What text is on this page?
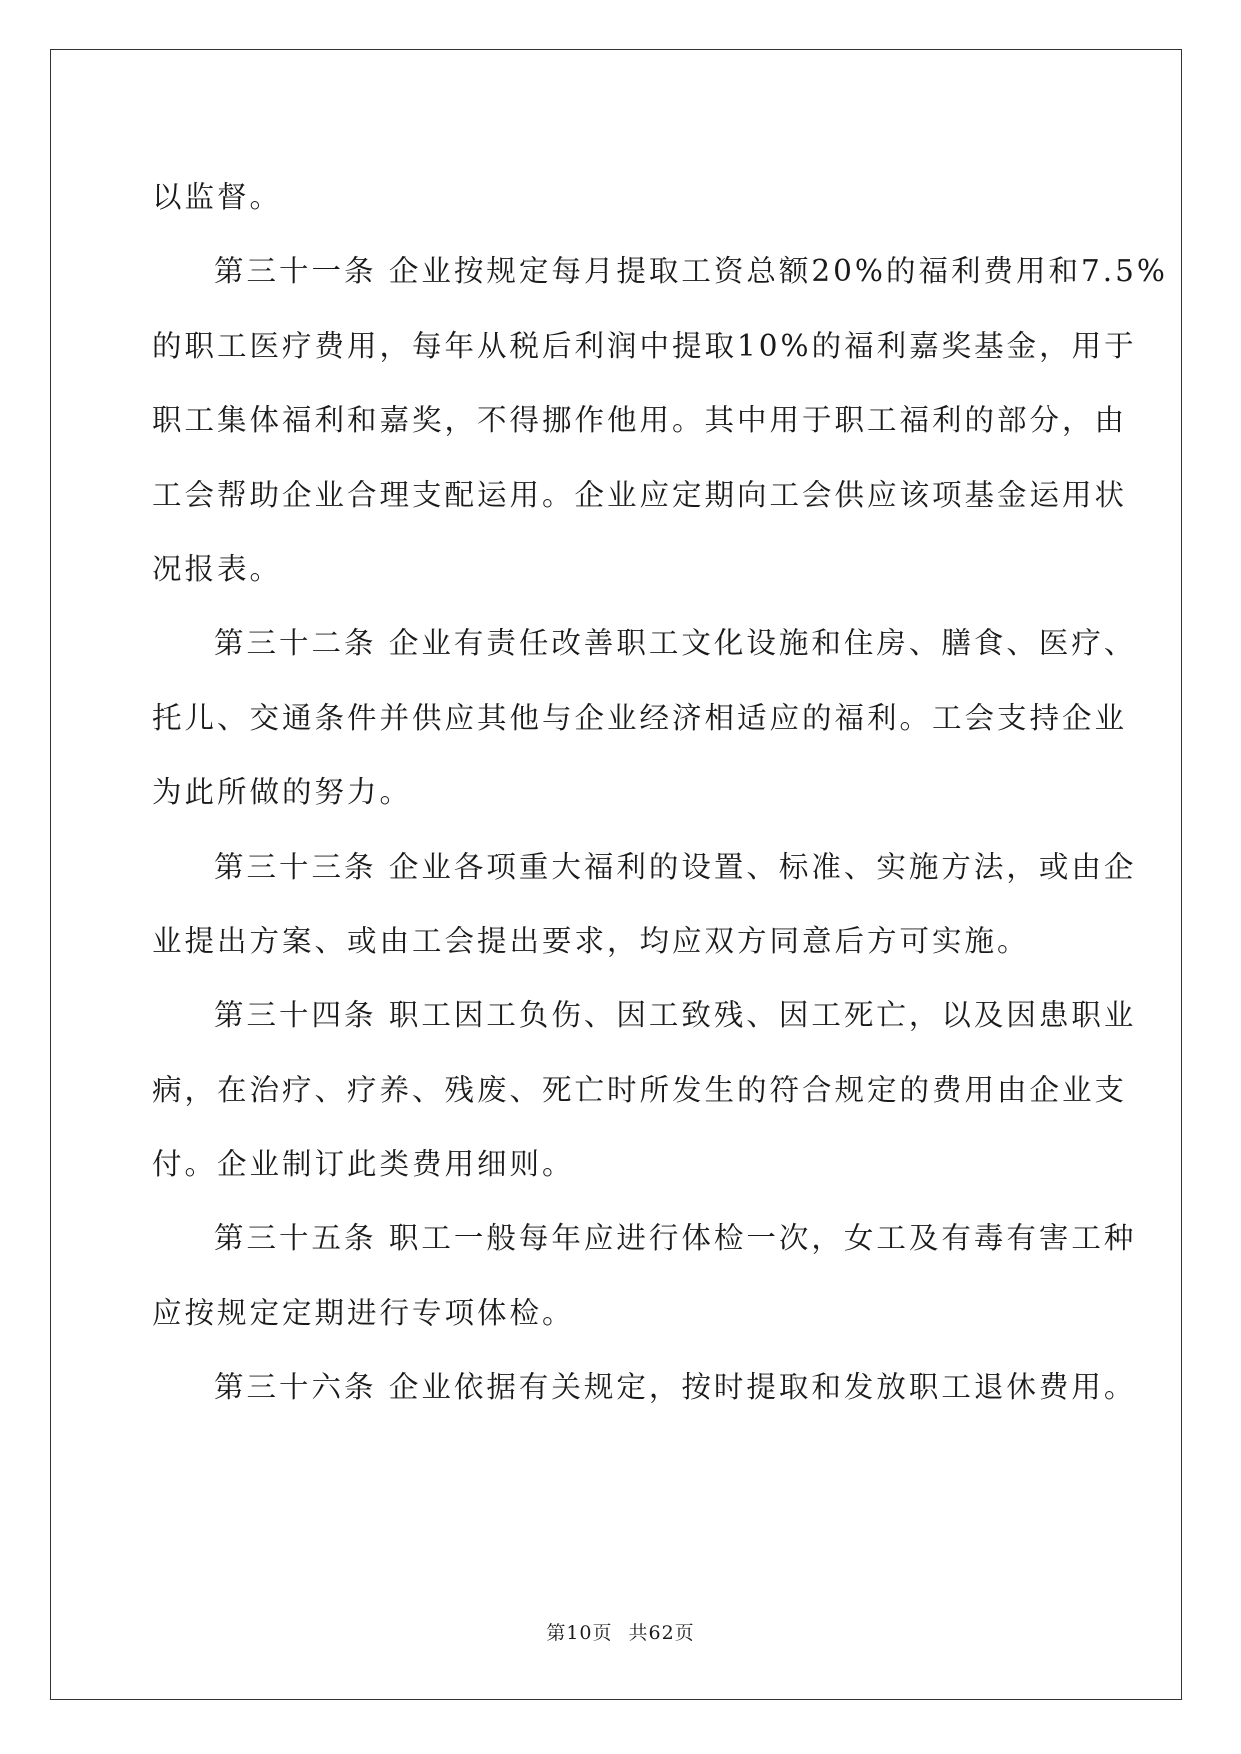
以监督。
第三十一条 企业按规定每月提取工资总额20%的福利费用和7.5%
的职工医疗费用，每年从税后利润中提取10%的福利嘉奖基金，用于
职工集体福利和嘉奖，不得挪作他用。其中用于职工福利的部分，由
工会帮助企业合理支配运用。企业应定期向工会供应该项基金运用状
况报表。
第三十二条 企业有责任改善职工文化设施和住房、膳食、医疗、
托儿、交通条件并供应其他与企业经济相适应的福利。工会支持企业
为此所做的努力。
第三十三条 企业各项重大福利的设置、标准、实施方法，或由企
业提出方案、或由工会提出要求，均应双方同意后方可实施。
第三十四条 职工因工负伤、因工致残、因工死亡，以及因患职业
病，在治疗、疗养、残废、死亡时所发生的符合规定的费用由企业支
付。企业制订此类费用细则。
第三十五条 职工一般每年应进行体检一次，女工及有毒有害工种
应按规定定期进行专项体检。
第三十六条 企业依据有关规定，按时提取和发放职工退休费用。
第10页 共62页
